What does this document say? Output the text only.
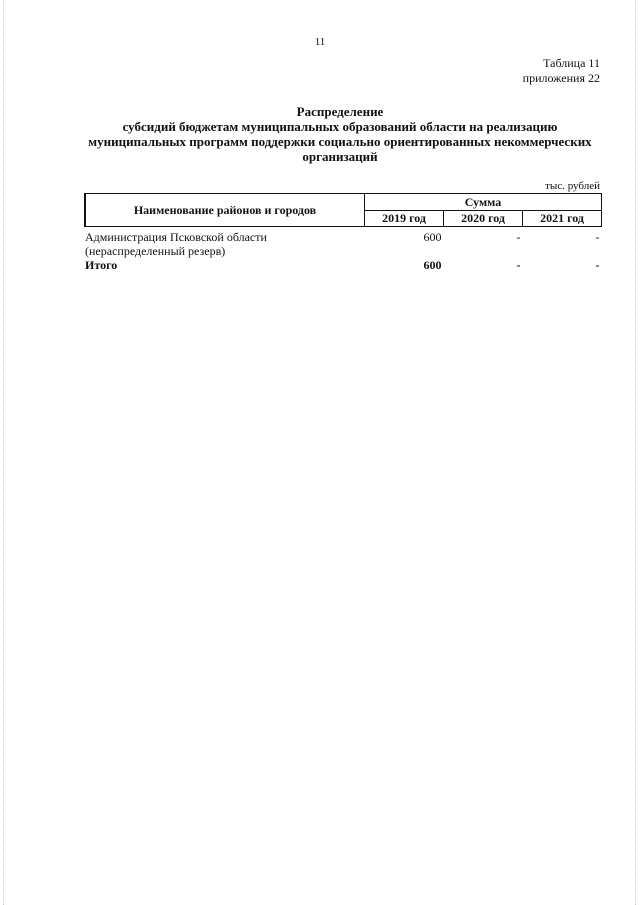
11
Таблица 11
приложения 22
Распределение
субсидий бюджетам муниципальных образований области на реализацию
муниципальных программ поддержки социально ориентированных некоммерческих
организаций
тыс. рублей
Наименование районов и городов	Сумма		
	2019 год	2020 год	2021 год

Администрация Псковской области
(нераспределенный резерв)	600	-	-
Итого	600	-	-
